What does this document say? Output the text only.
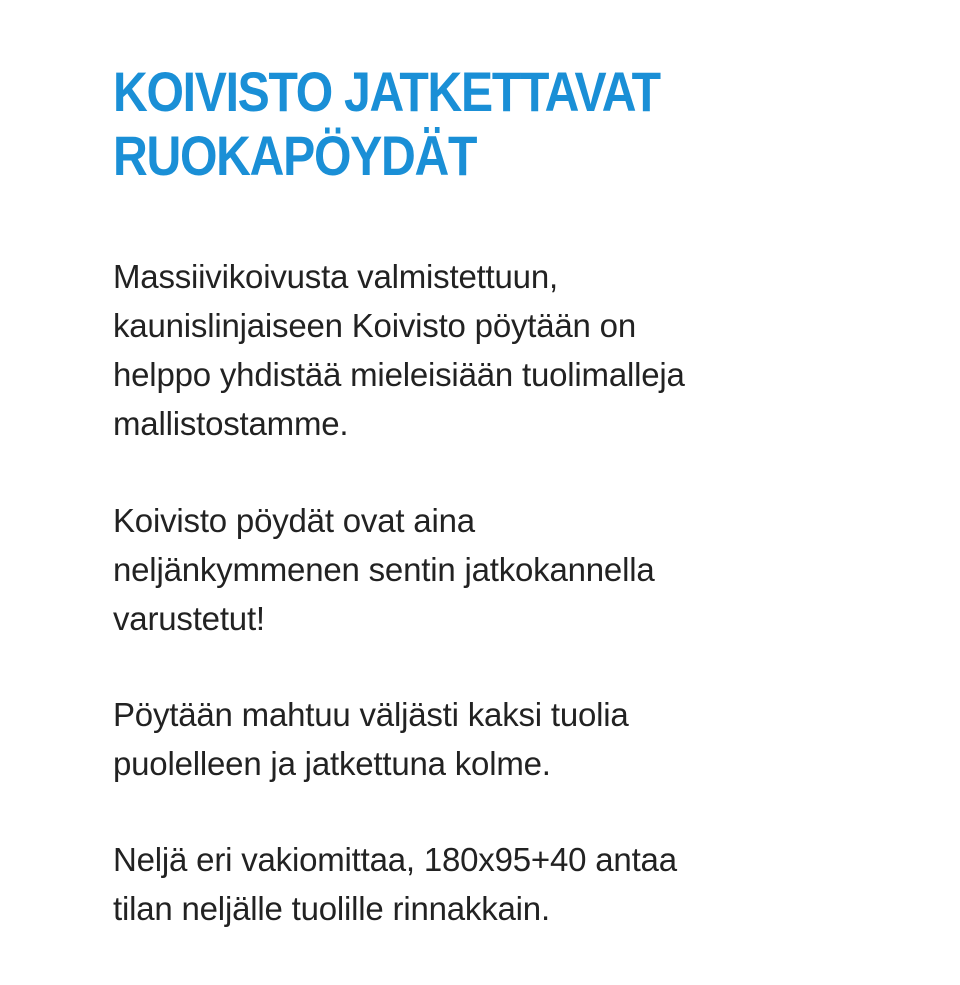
KOIVISTO JATKETTAVAT
RUOKAPÖYDÄT

Massiivikoivusta valmistettuun,
kaunislinjaiseen Koivisto pöytään on
helppo yhdistää mieleisiään tuolimalleja
mallistostamme.

Koivisto pöydät ovat aina
neljänkymmenen sentin jatkokannella
varustetut!

Pöytään mahtuu väljästi kaksi tuolia
puolelleen ja jatkettuna kolme.

Neljä eri vakiomittaa, 180x95+40 antaa
tilan neljälle tuolille rinnakkain.
